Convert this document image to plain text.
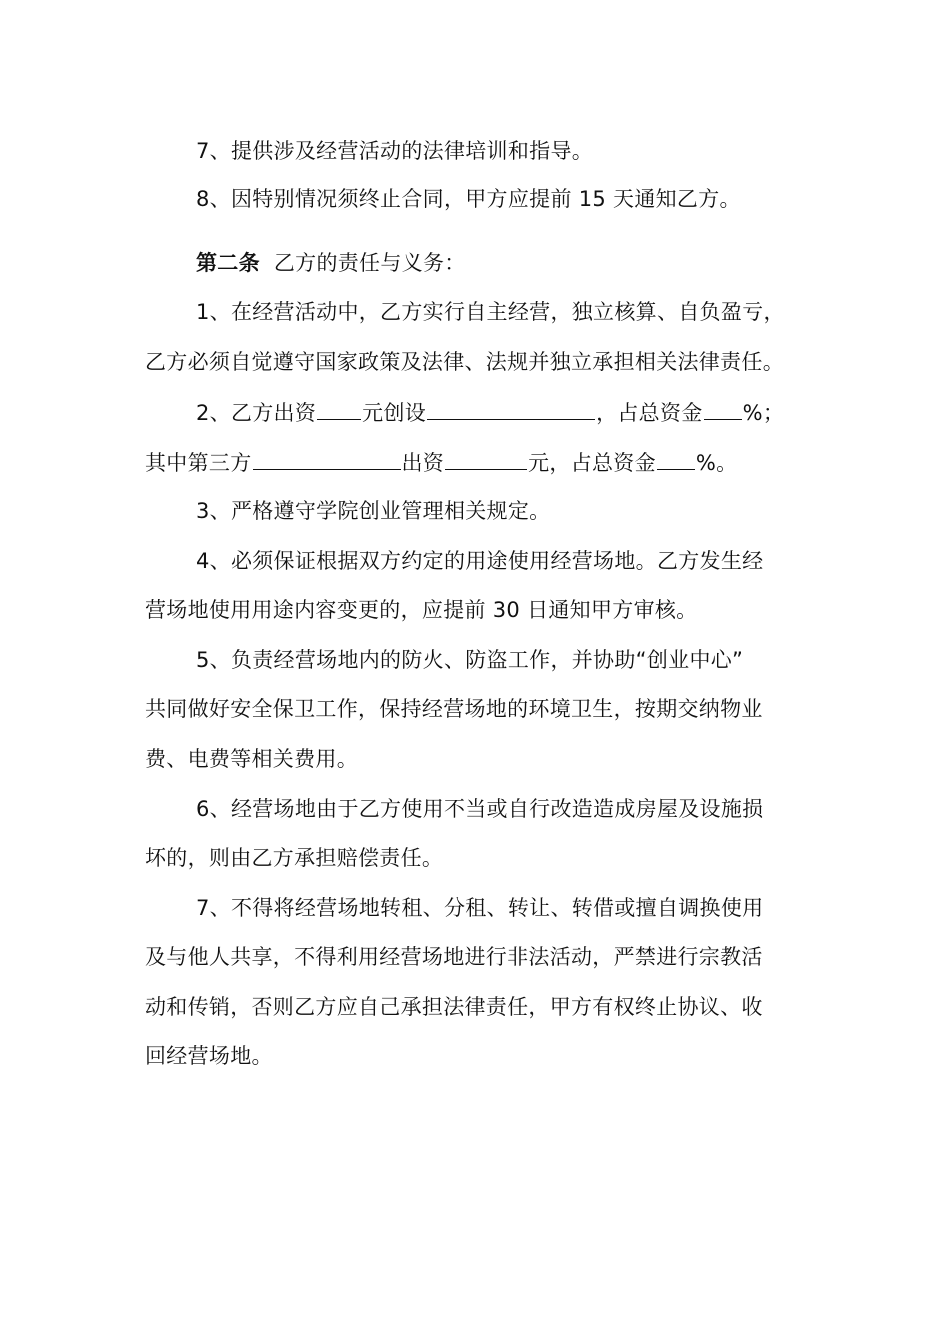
7、提供涉及经营活动的法律培训和指导。
8、因特别情况须终止合同，甲方应提前 15 天通知乙方。
第二条 乙方的责任与义务：
1、在经营活动中，乙方实行自主经营，独立核算、自负盈亏，
乙方必须自觉遵守国家政策及法律、法规并独立承担相关法律责任。
2、乙方出资 元创设	，占总资金 %；
其中第三方	出资	元，占总资金 %。
3、严格遵守学院创业管理相关规定。
4、必须保证根据双方约定的用途使用经营场地。乙方发生经
营场地使用用途内容变更的，应提前 30 日通知甲方审核。
5、负责经营场地内的防火、防盗工作，并协助“创业中心”
共同做好安全保卫工作，保持经营场地的环境卫生，按期交纳物业
费、电费等相关费用。
6、经营场地由于乙方使用不当或自行改造造成房屋及设施损
坏的，则由乙方承担赔偿责任。
7、不得将经营场地转租、分租、转让、转借或擅自调换使用
及与他人共享，不得利用经营场地进行非法活动，严禁进行宗教活
动和传销，否则乙方应自己承担法律责任，甲方有权终止协议、收
回经营场地。
